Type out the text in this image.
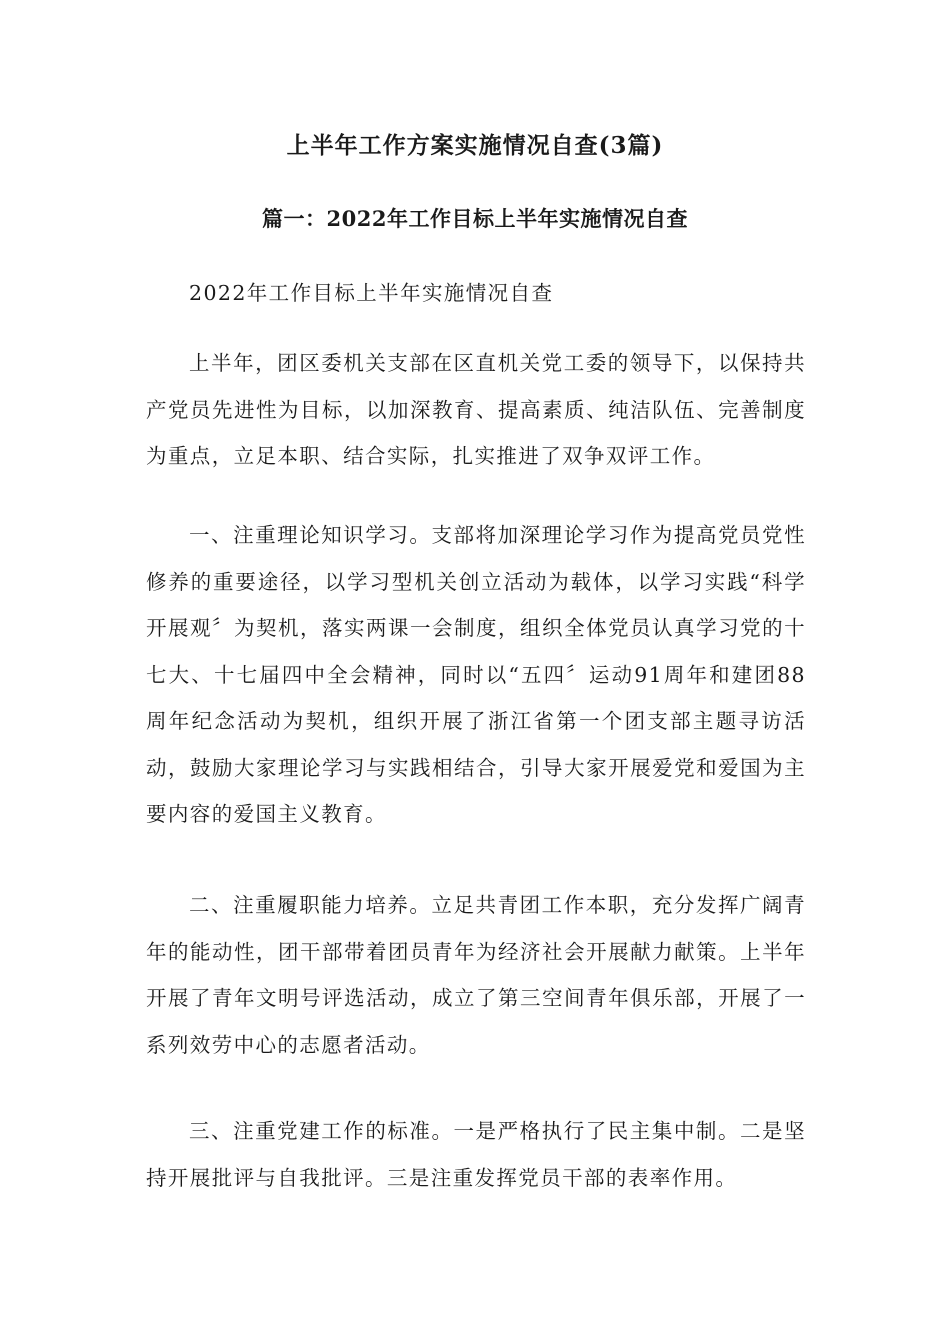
上半年工作方案实施情况自查(3篇)
篇一：2022年工作目标上半年实施情况自查

2022年工作目标上半年实施情况自查

上半年，团区委机关支部在区直机关党工委的领导下，以保持共产党员先进性为目标，以加深教育、提高素质、纯洁队伍、完善制度为重点，立足本职、结合实际，扎实推进了双争双评工作。

一、注重理论知识学习。支部将加深理论学习作为提高党员党性修养的重要途径，以学习型机关创立活动为载体，以学习实践“科学开展观〞为契机，落实两课一会制度，组织全体党员认真学习党的十七大、十七届四中全会精神，同时以“五四〞运动91周年和建团88周年纪念活动为契机，组织开展了浙江省第一个团支部主题寻访活动，鼓励大家理论学习与实践相结合，引导大家开展爱党和爱国为主要内容的爱国主义教育。

二、注重履职能力培养。立足共青团工作本职，充分发挥广阔青年的能动性，团干部带着团员青年为经济社会开展献力献策。上半年开展了青年文明号评选活动，成立了第三空间青年俱乐部，开展了一系列效劳中心的志愿者活动。

三、注重党建工作的标准。一是严格执行了民主集中制。二是坚持开展批评与自我批评。三是注重发挥党员干部的表率作用。
